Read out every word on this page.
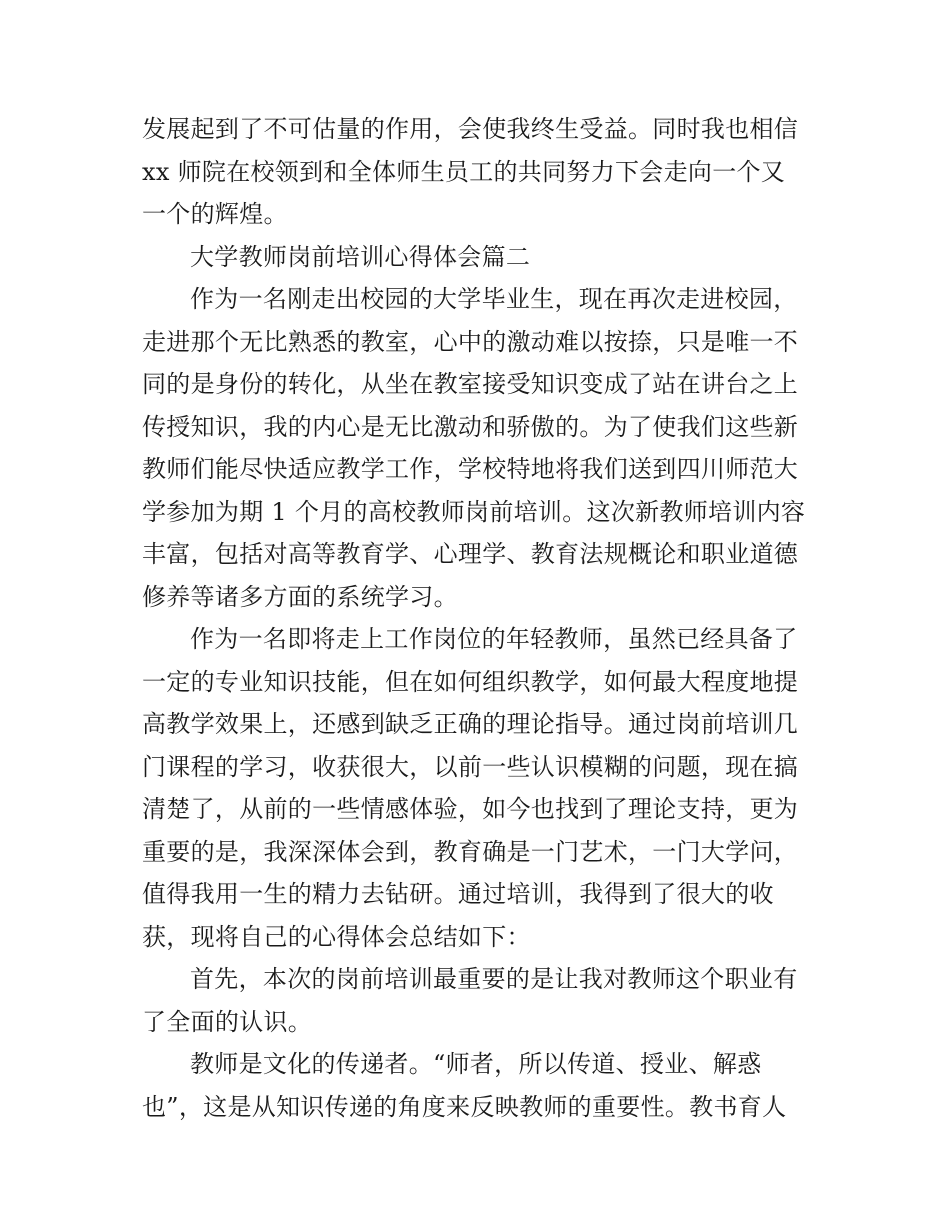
发展起到了不可估量的作用，会使我终生受益。同时我也相信
xx 师院在校领到和全体师生员工的共同努力下会走向一个又
一个的辉煌。
大学教师岗前培训心得体会篇二
作为一名刚走出校园的大学毕业生，现在再次走进校园，
走进那个无比熟悉的教室，心中的激动难以按捺，只是唯一不
同的是身份的转化，从坐在教室接受知识变成了站在讲台之上
传授知识，我的内心是无比激动和骄傲的。为了使我们这些新
教师们能尽快适应教学工作，学校特地将我们送到四川师范大
学参加为期 1 个月的高校教师岗前培训。这次新教师培训内容
丰富，包括对高等教育学、心理学、教育法规概论和职业道德
修养等诸多方面的系统学习。
作为一名即将走上工作岗位的年轻教师，虽然已经具备了
一定的专业知识技能，但在如何组织教学，如何最大程度地提
高教学效果上，还感到缺乏正确的理论指导。通过岗前培训几
门课程的学习，收获很大，以前一些认识模糊的问题，现在搞
清楚了，从前的一些情感体验，如今也找到了理论支持，更为
重要的是，我深深体会到，教育确是一门艺术，一门大学问，
值得我用一生的精力去钻研。通过培训，我得到了很大的收
获，现将自己的心得体会总结如下：
首先，本次的岗前培训最重要的是让我对教师这个职业有
了全面的认识。
教师是文化的传递者。“师者，所以传道、授业、解惑
也”，这是从知识传递的角度来反映教师的重要性。教书育人
